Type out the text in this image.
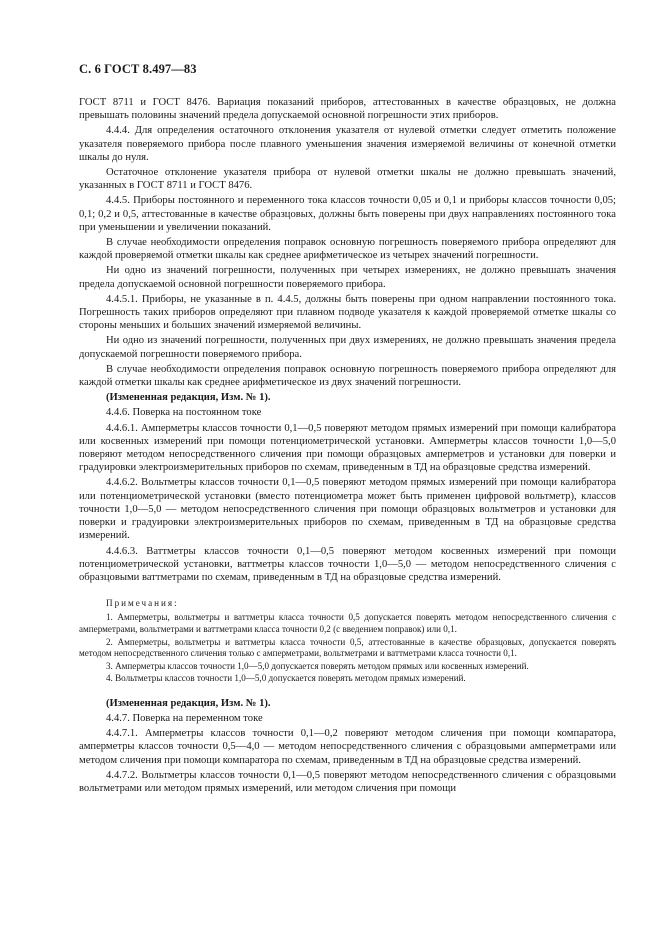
С. 6 ГОСТ 8.497—83

ГОСТ 8711 и ГОСТ 8476. Вариация показаний приборов, аттестованных в качестве образцовых, не должна превышать половины значений предела допускаемой основной погрешности этих приборов.

4.4.4. Для определения остаточного отклонения указателя от нулевой отметки следует отметить положение указателя поверяемого прибора после плавного уменьшения значения измеряемой величины от конечной отметки шкалы до нуля.

Остаточное отклонение указателя прибора от нулевой отметки шкалы не должно превышать значений, указанных в ГОСТ 8711 и ГОСТ 8476.

4.4.5. Приборы постоянного и переменного тока классов точности 0,05 и 0,1 и приборы классов точности 0,05; 0,1; 0,2 и 0,5, аттестованные в качестве образцовых, должны быть поверены при двух направлениях постоянного тока при уменьшении и увеличении показаний.

В случае необходимости определения поправок основную погрешность поверяемого прибора определяют для каждой проверяемой отметки шкалы как среднее арифметическое из четырех значений погрешности.

Ни одно из значений погрешности, полученных при четырех измерениях, не должно превышать значения предела допускаемой основной погрешности поверяемого прибора.

4.4.5.1. Приборы, не указанные в п. 4.4.5, должны быть поверены при одном направлении постоянного тока. Погрешность таких приборов определяют при плавном подводе указателя к каждой проверяемой отметке шкалы со стороны меньших и больших значений измеряемой величины.

Ни одно из значений погрешности, полученных при двух измерениях, не должно превышать значения предела допускаемой погрешности поверяемого прибора.

В случае необходимости определения поправок основную погрешность поверяемого прибора определяют для каждой отметки шкалы как среднее арифметическое из двух значений погрешности.

(Измененная редакция, Изм. № 1).

4.4.6. Поверка на постоянном токе

4.4.6.1. Амперметры классов точности 0,1—0,5 поверяют методом прямых измерений при помощи калибратора или косвенных измерений при помощи потенциометрической установки. Амперметры классов точности 1,0—5,0 поверяют методом непосредственного сличения при помощи образцовых амперметров и установки для поверки и градуировки электроизмерительных приборов по схемам, приведенным в ТД на образцовые средства измерений.

4.4.6.2. Вольтметры классов точности 0,1—0,5 поверяют методом прямых измерений при помощи калибратора или потенциометрической установки (вместо потенциометра может быть применен цифровой вольтметр), классов точности 1,0—5,0 — методом непосредственного сличения при помощи образцовых вольтметров и установки для поверки и градуировки электроизмерительных приборов по схемам, приведенным в ТД на образцовые средства измерений.

4.4.6.3. Ваттметры классов точности 0,1—0,5 поверяют методом косвенных измерений при помощи потенциометрической установки, ваттметры классов точности 1,0—5,0 — методом непосредственного сличения с образцовыми ваттметрами по схемам, приведенным в ТД на образцовые средства измерений.

Примечания:

1. Амперметры, вольтметры и ваттметры класса точности 0,5 допускается поверять методом непосредственного сличения с амперметрами, вольтметрами и ваттметрами класса точности 0,2 (с введением поправок) или 0,1.

2. Амперметры, вольтметры и ваттметры класса точности 0,5, аттестованные в качестве образцовых, допускается поверять методом непосредственного сличения только с амперметрами, вольтметрами и ваттметрами класса точности 0,1.

3. Амперметры классов точности 1,0—5,0 допускается поверять методом прямых или косвенных измерений.

4. Вольтметры классов точности 1,0—5,0 допускается поверять методом прямых измерений.

(Измененная редакция, Изм. № 1).

4.4.7. Поверка на переменном токе

4.4.7.1. Амперметры классов точности 0,1—0,2 поверяют методом сличения при помощи компаратора, амперметры классов точности 0,5—4,0 — методом непосредственного сличения с образцовыми амперметрами или методом сличения при помощи компаратора по схемам, приведенным в ТД на образцовые средства измерений.

4.4.7.2. Вольтметры классов точности 0,1—0,5 поверяют методом непосредственного сличения с образцовыми вольтметрами или методом прямых измерений, или методом сличения при помощи
